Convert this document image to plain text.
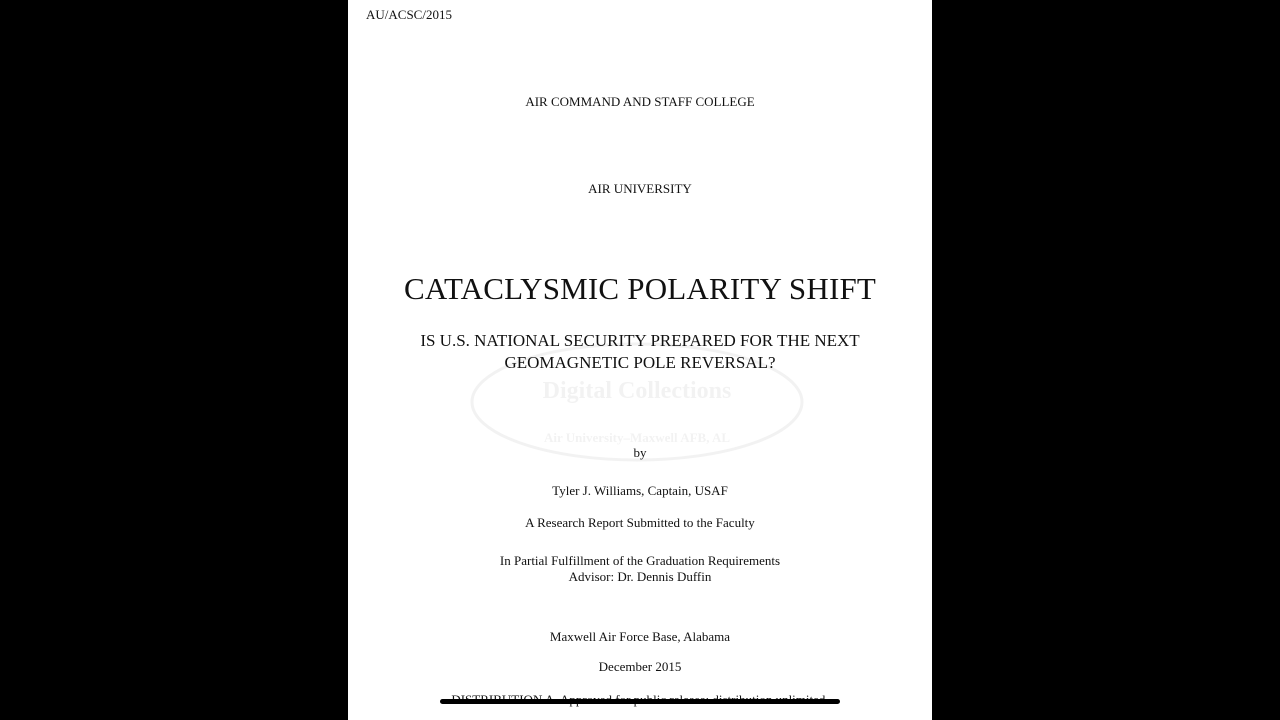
Digital Collections
Air University–Maxwell AFB, AL
AU/ACSC/2015
AIR COMMAND AND STAFF COLLEGE
AIR UNIVERSITY
CATACLYSMIC POLARITY SHIFT
IS U.S. NATIONAL SECURITY PREPARED FOR THE NEXT
GEOMAGNETIC POLE REVERSAL?
by
Tyler J. Williams, Captain, USAF
A Research Report Submitted to the Faculty
In Partial Fulfillment of the Graduation Requirements
Advisor: Dr. Dennis Duffin
Maxwell Air Force Base, Alabama
December 2015
